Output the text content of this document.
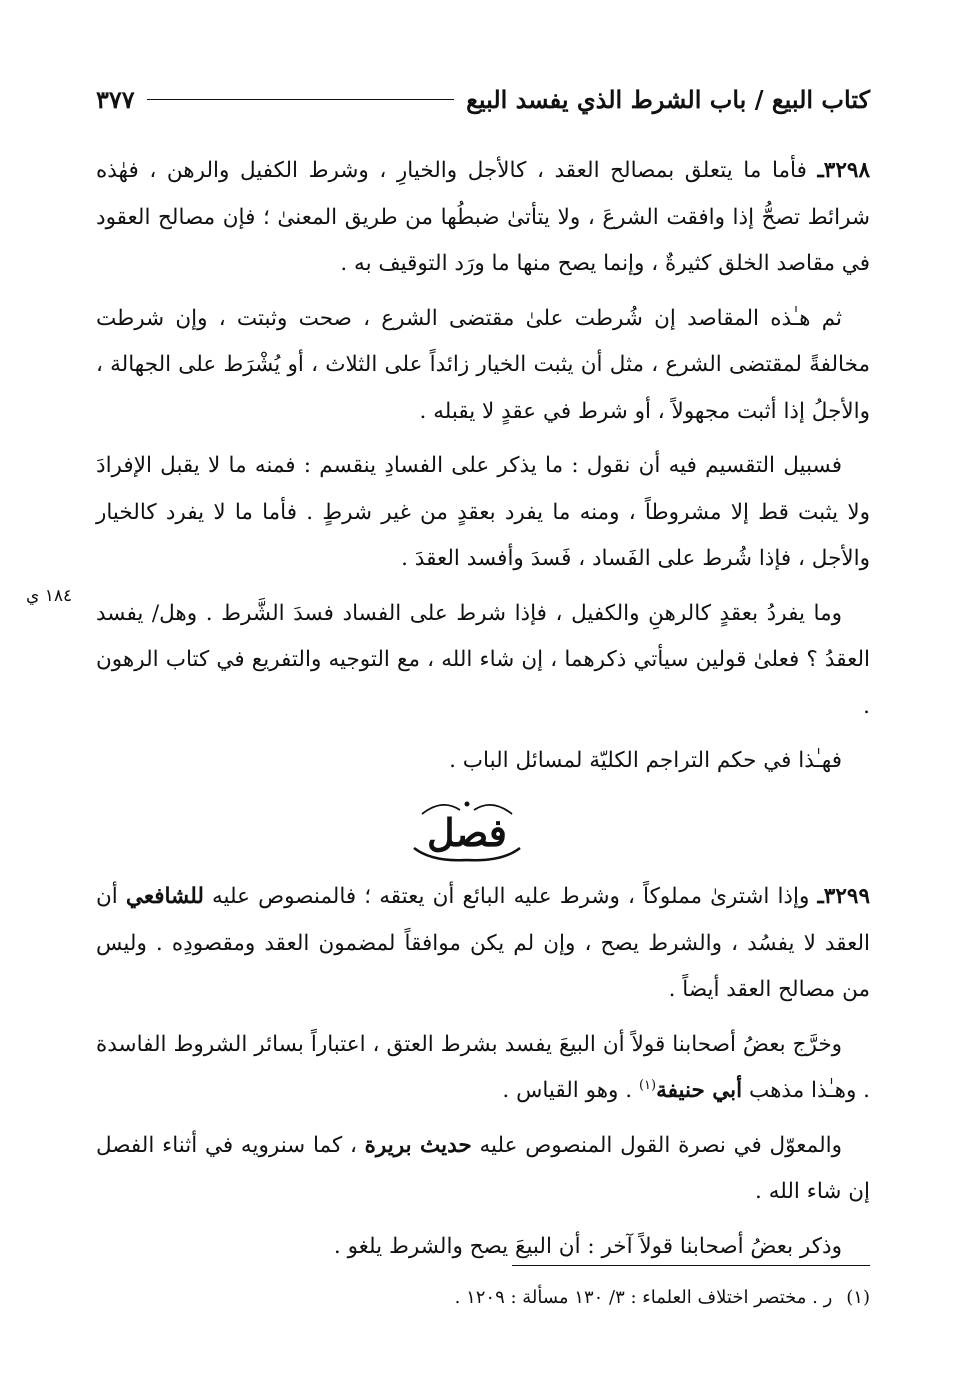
كتاب البيع / باب الشرط الذي يفسد البيع
٣٧٧

٣٢٩٨ـ فأما ما يتعلق بمصالح العقد ، كالأجل والخيارِ ، وشرط الكفيل والرهن ، فهٰذه شرائط تصحُّ إذا وافقت الشرعَ ، ولا يتأتىٰ ضبطُها من طريق المعنىٰ ؛ فإن مصالح العقود في مقاصد الخلق كثيرةٌ ، وإنما يصح منها ما ورَد التوقيف به .

ثم هـٰذه المقاصد إن شُرطت علىٰ مقتضى الشرع ، صحت وثبتت ، وإن شرطت مخالفةً لمقتضى الشرع ، مثل أن يثبت الخيار زائداً على الثلاث ، أو يُشْرَط على الجهالة ، والأجلُ إذا أثبت مجهولاً ، أو شرط في عقدٍ لا يقبله .

فسبيل التقسيم فيه أن نقول : ما يذكر على الفسادِ ينقسم : فمنه ما لا يقبل الإفرادَ ولا يثبت قط إلا مشروطاً ، ومنه ما يفرد بعقدٍ من غير شرطٍ . فأما ما لا يفرد كالخيار والأجل ، فإذا شُرط على الفَساد ، فَسدَ وأفسد العقدَ .

وما يفردُ بعقدٍ كالرهنِ والكفيل ، فإذا شرط على الفساد فسدَ الشَّرط . وهل/ يفسد العقدُ ؟ فعلىٰ قولين سيأتي ذكرهما ، إن شاء الله ، مع التوجيه والتفريع في كتاب الرهون .

فهـٰذا في حكم التراجم الكليّة لمسائل الباب .

١٨٤ ي
فصل

٣٢٩٩ـ وإذا اشترىٰ مملوكاً ، وشرط عليه البائع أن يعتقه ؛ فالمنصوص عليه للشافعي أن العقد لا يفسُد ، والشرط يصح ، وإن لم يكن موافقاً لمضمون العقد ومقصودِه . وليس من مصالح العقد أيضاً .

وخرَّج بعضُ أصحابنا قولاً أن البيعَ يفسد بشرط العتق ، اعتباراً بسائر الشروط الفاسدة . وهـٰذا مذهب أبي حنيفة$^{(١)}$ . وهو القياس .

والمعوّل في نصرة القول المنصوص عليه حديث بريرة ، كما سنرويه في أثناء الفصل إن شاء الله .

وذكر بعضُ أصحابنا قولاً آخر : أن البيعَ يصح والشرط يلغو .

(١)ر . مختصر اختلاف العلماء : ٣/ ١٣٠ مسألة : ١٢٠٩ .
